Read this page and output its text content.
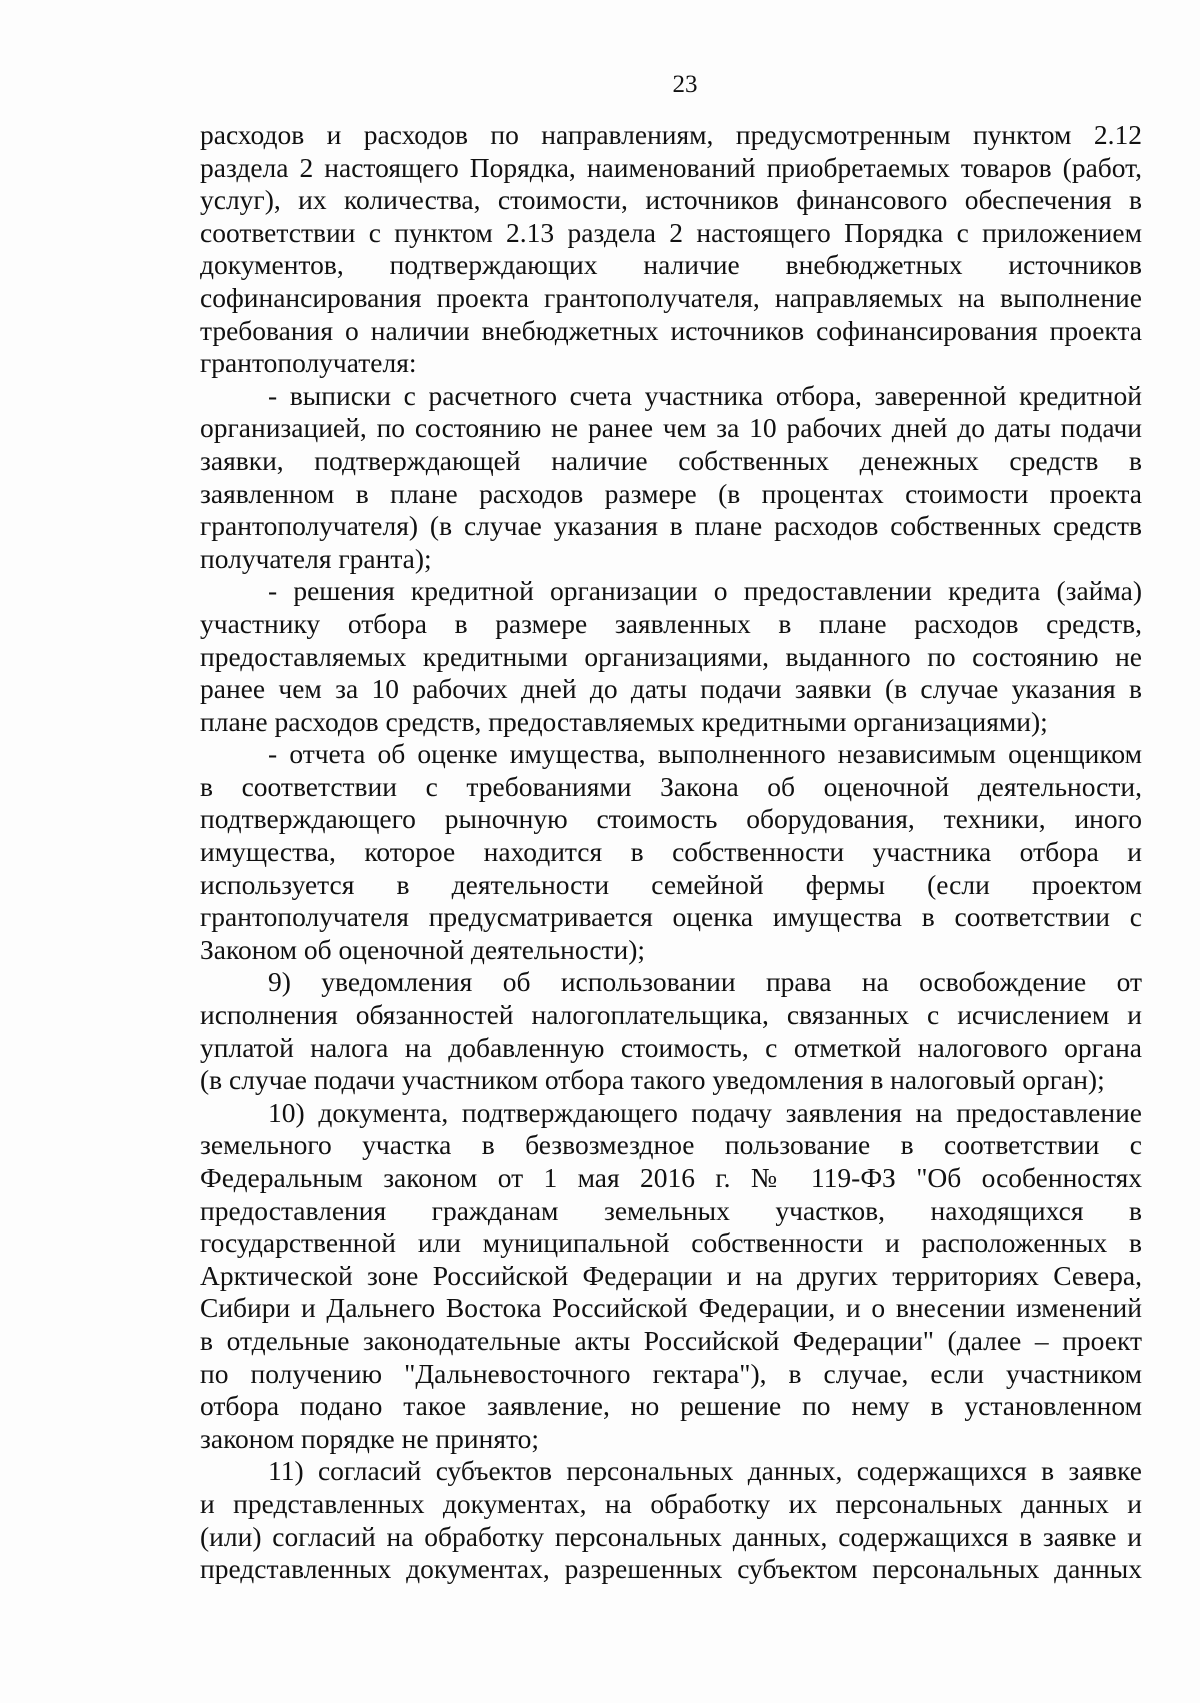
23
расходов и расходов по направлениям, предусмотренным пунктом 2.12
раздела 2 настоящего Порядка, наименований приобретаемых товаров (работ,
услуг), их количества, стоимости, источников финансового обеспечения в
соответствии с пунктом 2.13 раздела 2 настоящего Порядка с приложением
документов, подтверждающих наличие внебюджетных источников
софинансирования проекта грантополучателя, направляемых на выполнение
требования о наличии внебюджетных источников софинансирования проекта
грантополучателя:
- выписки с расчетного счета участника отбора, заверенной кредитной
организацией, по состоянию не ранее чем за 10 рабочих дней до даты подачи
заявки, подтверждающей наличие собственных денежных средств в
заявленном в плане расходов размере (в процентах стоимости проекта
грантополучателя) (в случае указания в плане расходов собственных средств
получателя гранта);
- решения кредитной организации о предоставлении кредита (займа)
участнику отбора в размере заявленных в плане расходов средств,
предоставляемых кредитными организациями, выданного по состоянию не
ранее чем за 10 рабочих дней до даты подачи заявки (в случае указания в
плане расходов средств, предоставляемых кредитными организациями);
- отчета об оценке имущества, выполненного независимым оценщиком
в соответствии с требованиями Закона об оценочной деятельности,
подтверждающего рыночную стоимость оборудования, техники, иного
имущества, которое находится в собственности участника отбора и
используется в деятельности семейной фермы (если проектом
грантополучателя предусматривается оценка имущества в соответствии с
Законом об оценочной деятельности);
9) уведомления об использовании права на освобождение от
исполнения обязанностей налогоплательщика, связанных с исчислением и
уплатой налога на добавленную стоимость, с отметкой налогового органа
(в случае подачи участником отбора такого уведомления в налоговый орган);
10) документа, подтверждающего подачу заявления на предоставление
земельного участка в безвозмездное пользование в соответствии с
Федеральным законом от 1 мая 2016 г. № 119-ФЗ "Об особенностях
предоставления гражданам земельных участков, находящихся в
государственной или муниципальной собственности и расположенных в
Арктической зоне Российской Федерации и на других территориях Севера,
Сибири и Дальнего Востока Российской Федерации, и о внесении изменений
в отдельные законодательные акты Российской Федерации" (далее – проект
по получению "Дальневосточного гектара"), в случае, если участником
отбора подано такое заявление, но решение по нему в установленном
законом порядке не принято;
11) согласий субъектов персональных данных, содержащихся в заявке
и представленных документах, на обработку их персональных данных и
(или) согласий на обработку персональных данных, содержащихся в заявке и
представленных документах, разрешенных субъектом персональных данных
